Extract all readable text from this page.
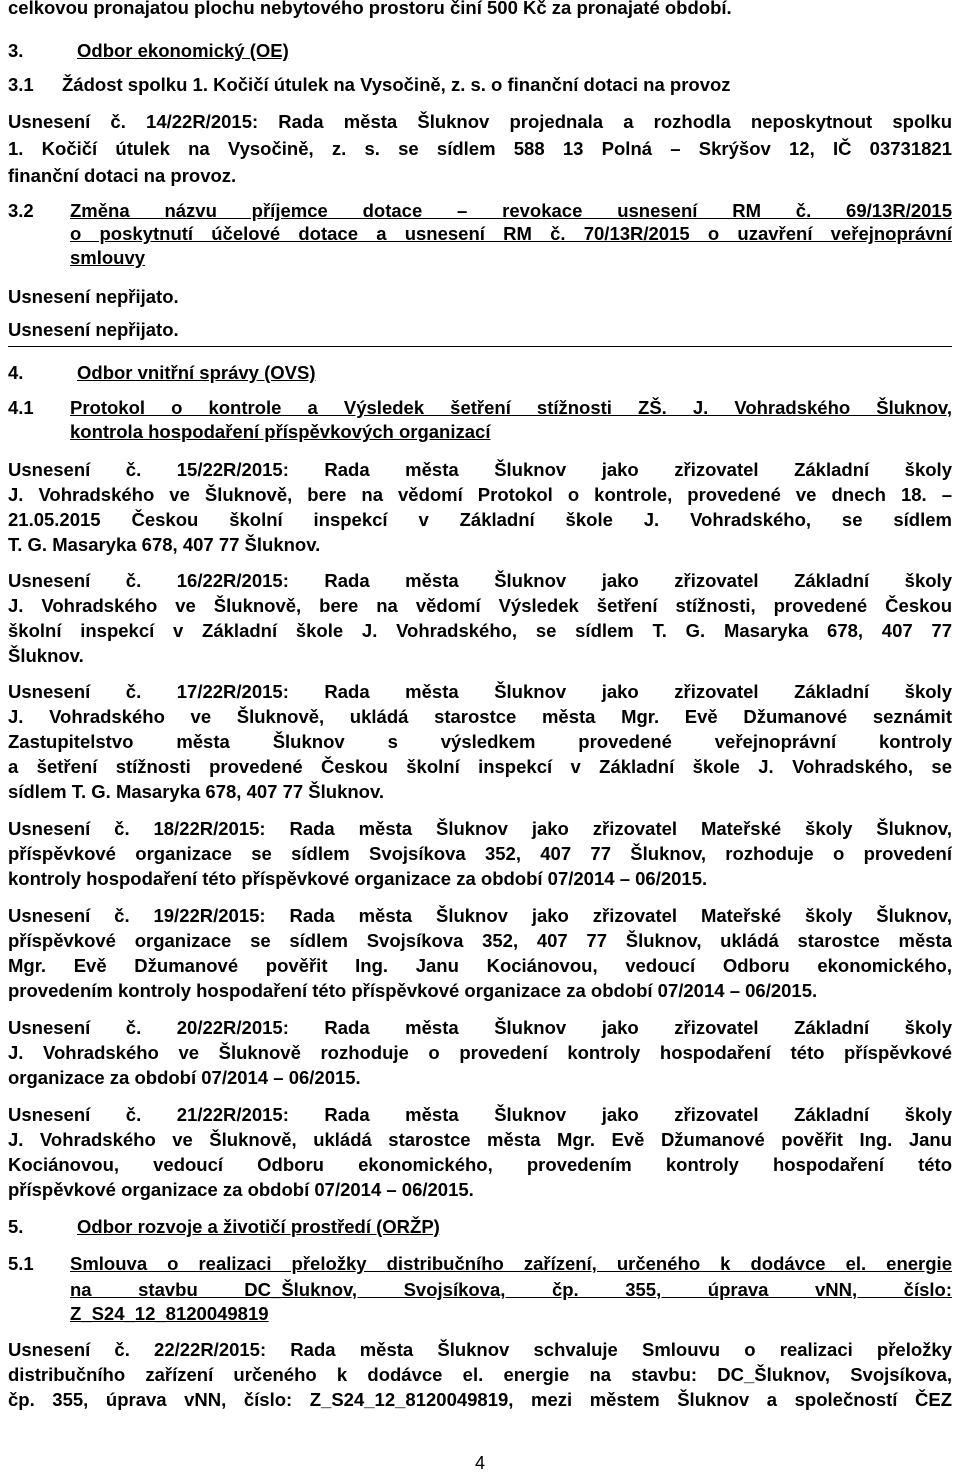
celkovou pronajatou plochu nebytového prostoru činí 500 Kč za pronajaté období.
3.	Odbor ekonomický (OE)
3.1 Žádost spolku 1. Kočičí útulek na Vysočině, z. s. o finanční dotaci na provoz
Usnesení č. 14/22R/2015: Rada města Šluknov projednala a rozhodla neposkytnout spolku
1. Kočičí útulek na Vysočině, z. s. se sídlem 588 13 Polná – Skrýšov 12, IČ 03731821
finanční dotaci na provoz.
3.2 Změna názvu příjemce dotace – revokace usnesení RM č. 69/13R/2015
o poskytnutí účelové dotace a usnesení RM č. 70/13R/2015 o uzavření veřejnoprávní
smlouvy
Usnesení nepřijato.
Usnesení nepřijato.
4.	Odbor vnitřní správy (OVS)
4.1 Protokol o kontrole a Výsledek šetření stížnosti ZŠ. J. Vohradského Šluknov,
kontrola hospodaření příspěvkových organizací
Usnesení č. 15/22R/2015: Rada města Šluknov jako zřizovatel Základní školy
J. Vohradského ve Šluknově, bere na vědomí Protokol o kontrole, provedené ve dnech 18. –
21.05.2015 Českou školní inspekcí v Základní škole J. Vohradského, se sídlem
T. G. Masaryka 678, 407 77 Šluknov.
Usnesení č. 16/22R/2015: Rada města Šluknov jako zřizovatel Základní školy
J. Vohradského ve Šluknově, bere na vědomí Výsledek šetření stížnosti, provedené Českou
školní inspekcí v Základní škole J. Vohradského, se sídlem T. G. Masaryka 678, 407 77
Šluknov.
Usnesení č. 17/22R/2015: Rada města Šluknov jako zřizovatel Základní školy
J. Vohradského ve Šluknově, ukládá starostce města Mgr. Evě Džumanové seznámit
Zastupitelstvo města Šluknov s výsledkem provedené veřejnoprávní kontroly
a šetření stížnosti provedené Českou školní inspekcí v Základní škole J. Vohradského, se
sídlem T. G. Masaryka 678, 407 77 Šluknov.
Usnesení č. 18/22R/2015: Rada města Šluknov jako zřizovatel Mateřské školy Šluknov,
příspěvkové organizace se sídlem Svojsíkova 352, 407 77 Šluknov, rozhoduje o provedení
kontroly hospodaření této příspěvkové organizace za období 07/2014 – 06/2015.
Usnesení č. 19/22R/2015: Rada města Šluknov jako zřizovatel Mateřské školy Šluknov,
příspěvkové organizace se sídlem Svojsíkova 352, 407 77 Šluknov, ukládá starostce města
Mgr. Evě Džumanové pověřit Ing. Janu Kociánovou, vedoucí Odboru ekonomického,
provedením kontroly hospodaření této příspěvkové organizace za období 07/2014 – 06/2015.
Usnesení č. 20/22R/2015: Rada města Šluknov jako zřizovatel Základní školy
J. Vohradského ve Šluknově rozhoduje o provedení kontroly hospodaření této příspěvkové
organizace za období 07/2014 – 06/2015.
Usnesení č. 21/22R/2015: Rada města Šluknov jako zřizovatel Základní školy
J. Vohradského ve Šluknově, ukládá starostce města Mgr. Evě Džumanové pověřit Ing. Janu
Kociánovou, vedoucí Odboru ekonomického, provedením kontroly hospodaření této
příspěvkové organizace za období 07/2014 – 06/2015.
5.	Odbor rozvoje a životičí prostředí (ORŽP)
5.1 Smlouva o realizaci přeložky distribučního zařízení, určeného k dodávce el. energie
na stavbu DC_Šluknov, Svojsíkova, čp. 355, úprava vNN, číslo:
Z_S24_12_8120049819
Usnesení č. 22/22R/2015: Rada města Šluknov schvaluje Smlouvu o realizaci přeložky
distribučního zařízení určeného k dodávce el. energie na stavbu: DC_Šluknov, Svojsíkova,
čp. 355, úprava vNN, číslo: Z_S24_12_8120049819, mezi městem Šluknov a společností ČEZ
4
